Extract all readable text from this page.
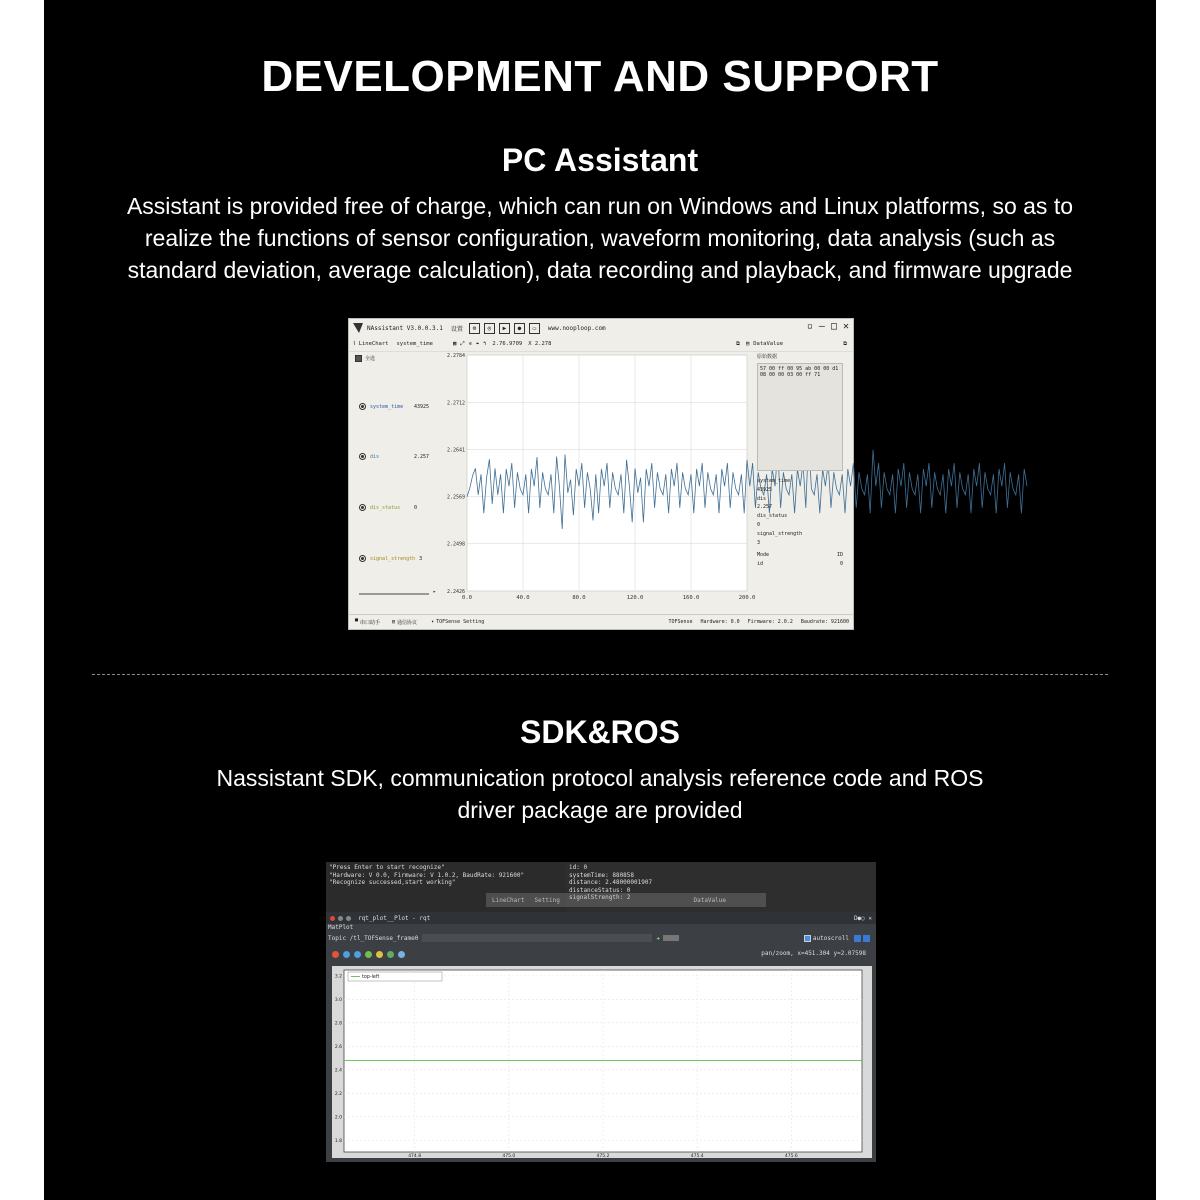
DEVELOPMENT AND SUPPORT
PC Assistant
Assistant is provided free of charge, which can run on Windows and Linux platforms, so as to
realize the functions of sensor configuration, waveform monitoring, data analysis (such as
standard deviation, average calculation), data recording and playback, and firmware upgrade
NAssistant V3.0.0.3.1 设置	⚙	◎	▶	●	▭	www.nooploop.com	▫ – □ ✕
⌇ LineChart system_time	▦ ⤢ ✲ ⌖ ϟ 2.76.9709 X 2.278	⧉ ▤ DataValue	⧉
全选
system_time	43925
dis	2.257
dis_status	0
signal_strength 3
▸
0.0	40.0	80.0	120.0	160.0	200.0
2.2784
2.2712
2.2641
2.2569
2.2498
2.2426
原始数据
57 00 ff 00 95 ab 00 00 d1 08 00 00 03 00 ff 71
system_time
43925
dis
2.257
dis_status
0
signal_strength
3
Mode	ID
id	0
▀ 串口助手 ▤ 通信协议	▾ TOFSense Setting	TOFSense Hardware: 0.0 Firmware: 2.0.2 Baudrate: 921600
SDK&ROS
Nassistant SDK, communication protocol analysis reference code and ROS
driver package are provided
"Press Enter to start recognize"
"Hardware: V 0.0, Firmware: V 1.0.2, BaudRate: 921600"
"Recognize successed,start working"
id: 0
systemTime: 880858
distance: 2.48000001907
distanceStatus: 0
signalStrength: 2
LineChart Setting	DataValue
rqt_plot__Plot - rqt	D●○ ✕
MatPlot
Topic /tl_TOFSense_frame0	✚	autoscroll
pan/zoom, x=451.304 y=2.07598
474.8	475.0	475.2	475.4	475.6
3.2
3.0
2.8
2.6
2.4
2.2
2.0
1.8
top-left
